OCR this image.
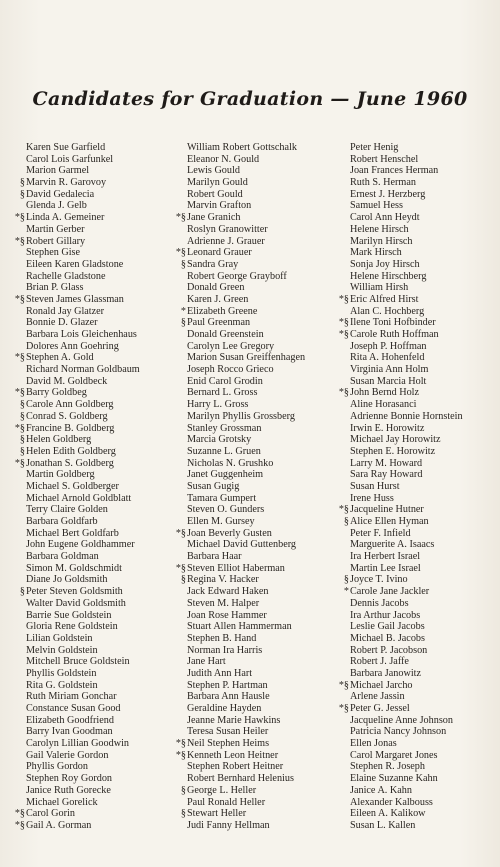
Candidates for Graduation — June 1960
Karen Sue Garfield
Carol Lois Garfunkel
Marion Garmel
§Marvin R. Garovoy
§David Gedalecia
Glenda J. Gelb
*§Linda A. Gemeiner
Martin Gerber
*§Robert Gillary
Stephen Gise
Eileen Karen Gladstone
Rachelle Gladstone
Brian P. Glass
*§Steven James Glassman
Ronald Jay Glatzer
Bonnie D. Glazer
Barbara Lois Gleichenhaus
Dolores Ann Goehring
*§Stephen A. Gold
Richard Norman Goldbaum
David M. Goldbeck
*§Barry Goldbeg
§Carole Ann Goldberg
§Conrad S. Goldberg
*§Francine B. Goldberg
§Helen Goldberg
§Helen Edith Goldberg
*§Jonathan S. Goldberg
Martin Goldberg
Michael S. Goldberger
Michael Arnold Goldblatt
Terry Claire Golden
Barbara Goldfarb
Michael Bert Goldfarb
John Eugene Goldhammer
Barbara Goldman
Simon M. Goldschmidt
Diane Jo Goldsmith
§Peter Steven Goldsmith
Walter David Goldsmith
Barrie Sue Goldstein
Gloria Rene Goldstein
Lilian Goldstein
Melvin Goldstein
Mitchell Bruce Goldstein
Phyllis Goldstein
Rita G. Goldstein
Ruth Miriam Gonchar
Constance Susan Good
Elizabeth Goodfriend
Barry Ivan Goodman
Carolyn Lillian Goodwin
Gail Valerie Gordon
Phyllis Gordon
Stephen Roy Gordon
Janice Ruth Gorecke
Michael Gorelick
*§Carol Gorin
*§Gail A. Gorman
William Robert Gottschalk
Eleanor N. Gould
Lewis Gould
Marilyn Gould
Robert Gould
Marvin Grafton
*§Jane Granich
Roslyn Granowitter
Adrienne J. Grauer
*§Leonard Grauer
§Sandra Gray
Robert George Grayboff
Donald Green
Karen J. Green
*Elizabeth Greene
§Paul Greenman
Donald Greenstein
Carolyn Lee Gregory
Marion Susan Greiffenhagen
Joseph Rocco Grieco
Enid Carol Grodin
Bernard L. Gross
Harry L. Gross
Marilyn Phyllis Grossberg
Stanley Grossman
Marcia Grotsky
Suzanne L. Gruen
Nicholas N. Grushko
Janet Guggenheim
Susan Gugig
Tamara Gumpert
Steven O. Gunders
Ellen M. Gursey
*§Joan Beverly Gusten
Michael David Guttenberg
Barbara Haar
*§Steven Elliot Haberman
§Regina V. Hacker
Jack Edward Haken
Steven M. Halper
Joan Rose Hammer
Stuart Allen Hammerman
Stephen B. Hand
Norman Ira Harris
Jane Hart
Judith Ann Hart
Stephen P. Hartman
Barbara Ann Hausle
Geraldine Hayden
Jeanne Marie Hawkins
Teresa Susan Heiler
*§Neil Stephen Heims
*§Kenneth Leon Heitner
Stephen Robert Heitner
Robert Bernhard Helenius
§George L. Heller
Paul Ronald Heller
§Stewart Heller
Judi Fanny Hellman
Peter Henig
Robert Henschel
Joan Frances Herman
Ruth S. Herman
Ernest J. Herzberg
Samuel Hess
Carol Ann Heydt
Helene Hirsch
Marilyn Hirsch
Mark Hirsch
Sonja Joy Hirsch
Helene Hirschberg
William Hirsh
*§Eric Alfred Hirst
Alan C. Hochberg
*§Ilene Toni Hofbinder
*§Carole Ruth Hoffman
Joseph P. Hoffman
Rita A. Hohenfeld
Virginia Ann Holm
Susan Marcia Holt
*§John Bernd Holz
Aline Horasanci
Adrienne Bonnie Hornstein
Irwin E. Horowitz
Michael Jay Horowitz
Stephen E. Horowitz
Larry M. Howard
Sara Ray Howard
Susan Hurst
Irene Huss
*§Jacqueline Hutner
§Alice Ellen Hyman
Peter F. Infield
Marguerite A. Isaacs
Ira Herbert Israel
Martin Lee Israel
§Joyce T. Ivino
*Carole Jane Jackler
Dennis Jacobs
Ira Arthur Jacobs
Leslie Gail Jacobs
Michael B. Jacobs
Robert P. Jacobson
Robert J. Jaffe
Barbara Janowitz
*§Michael Jarcho
Arlene Jassin
*§Peter G. Jessel
Jacqueline Anne Johnson
Patricia Nancy Johnson
Ellen Jonas
Carol Margaret Jones
Stephen R. Joseph
Elaine Suzanne Kahn
Janice A. Kahn
Alexander Kalbouss
Eileen A. Kalikow
Susan L. Kallen
